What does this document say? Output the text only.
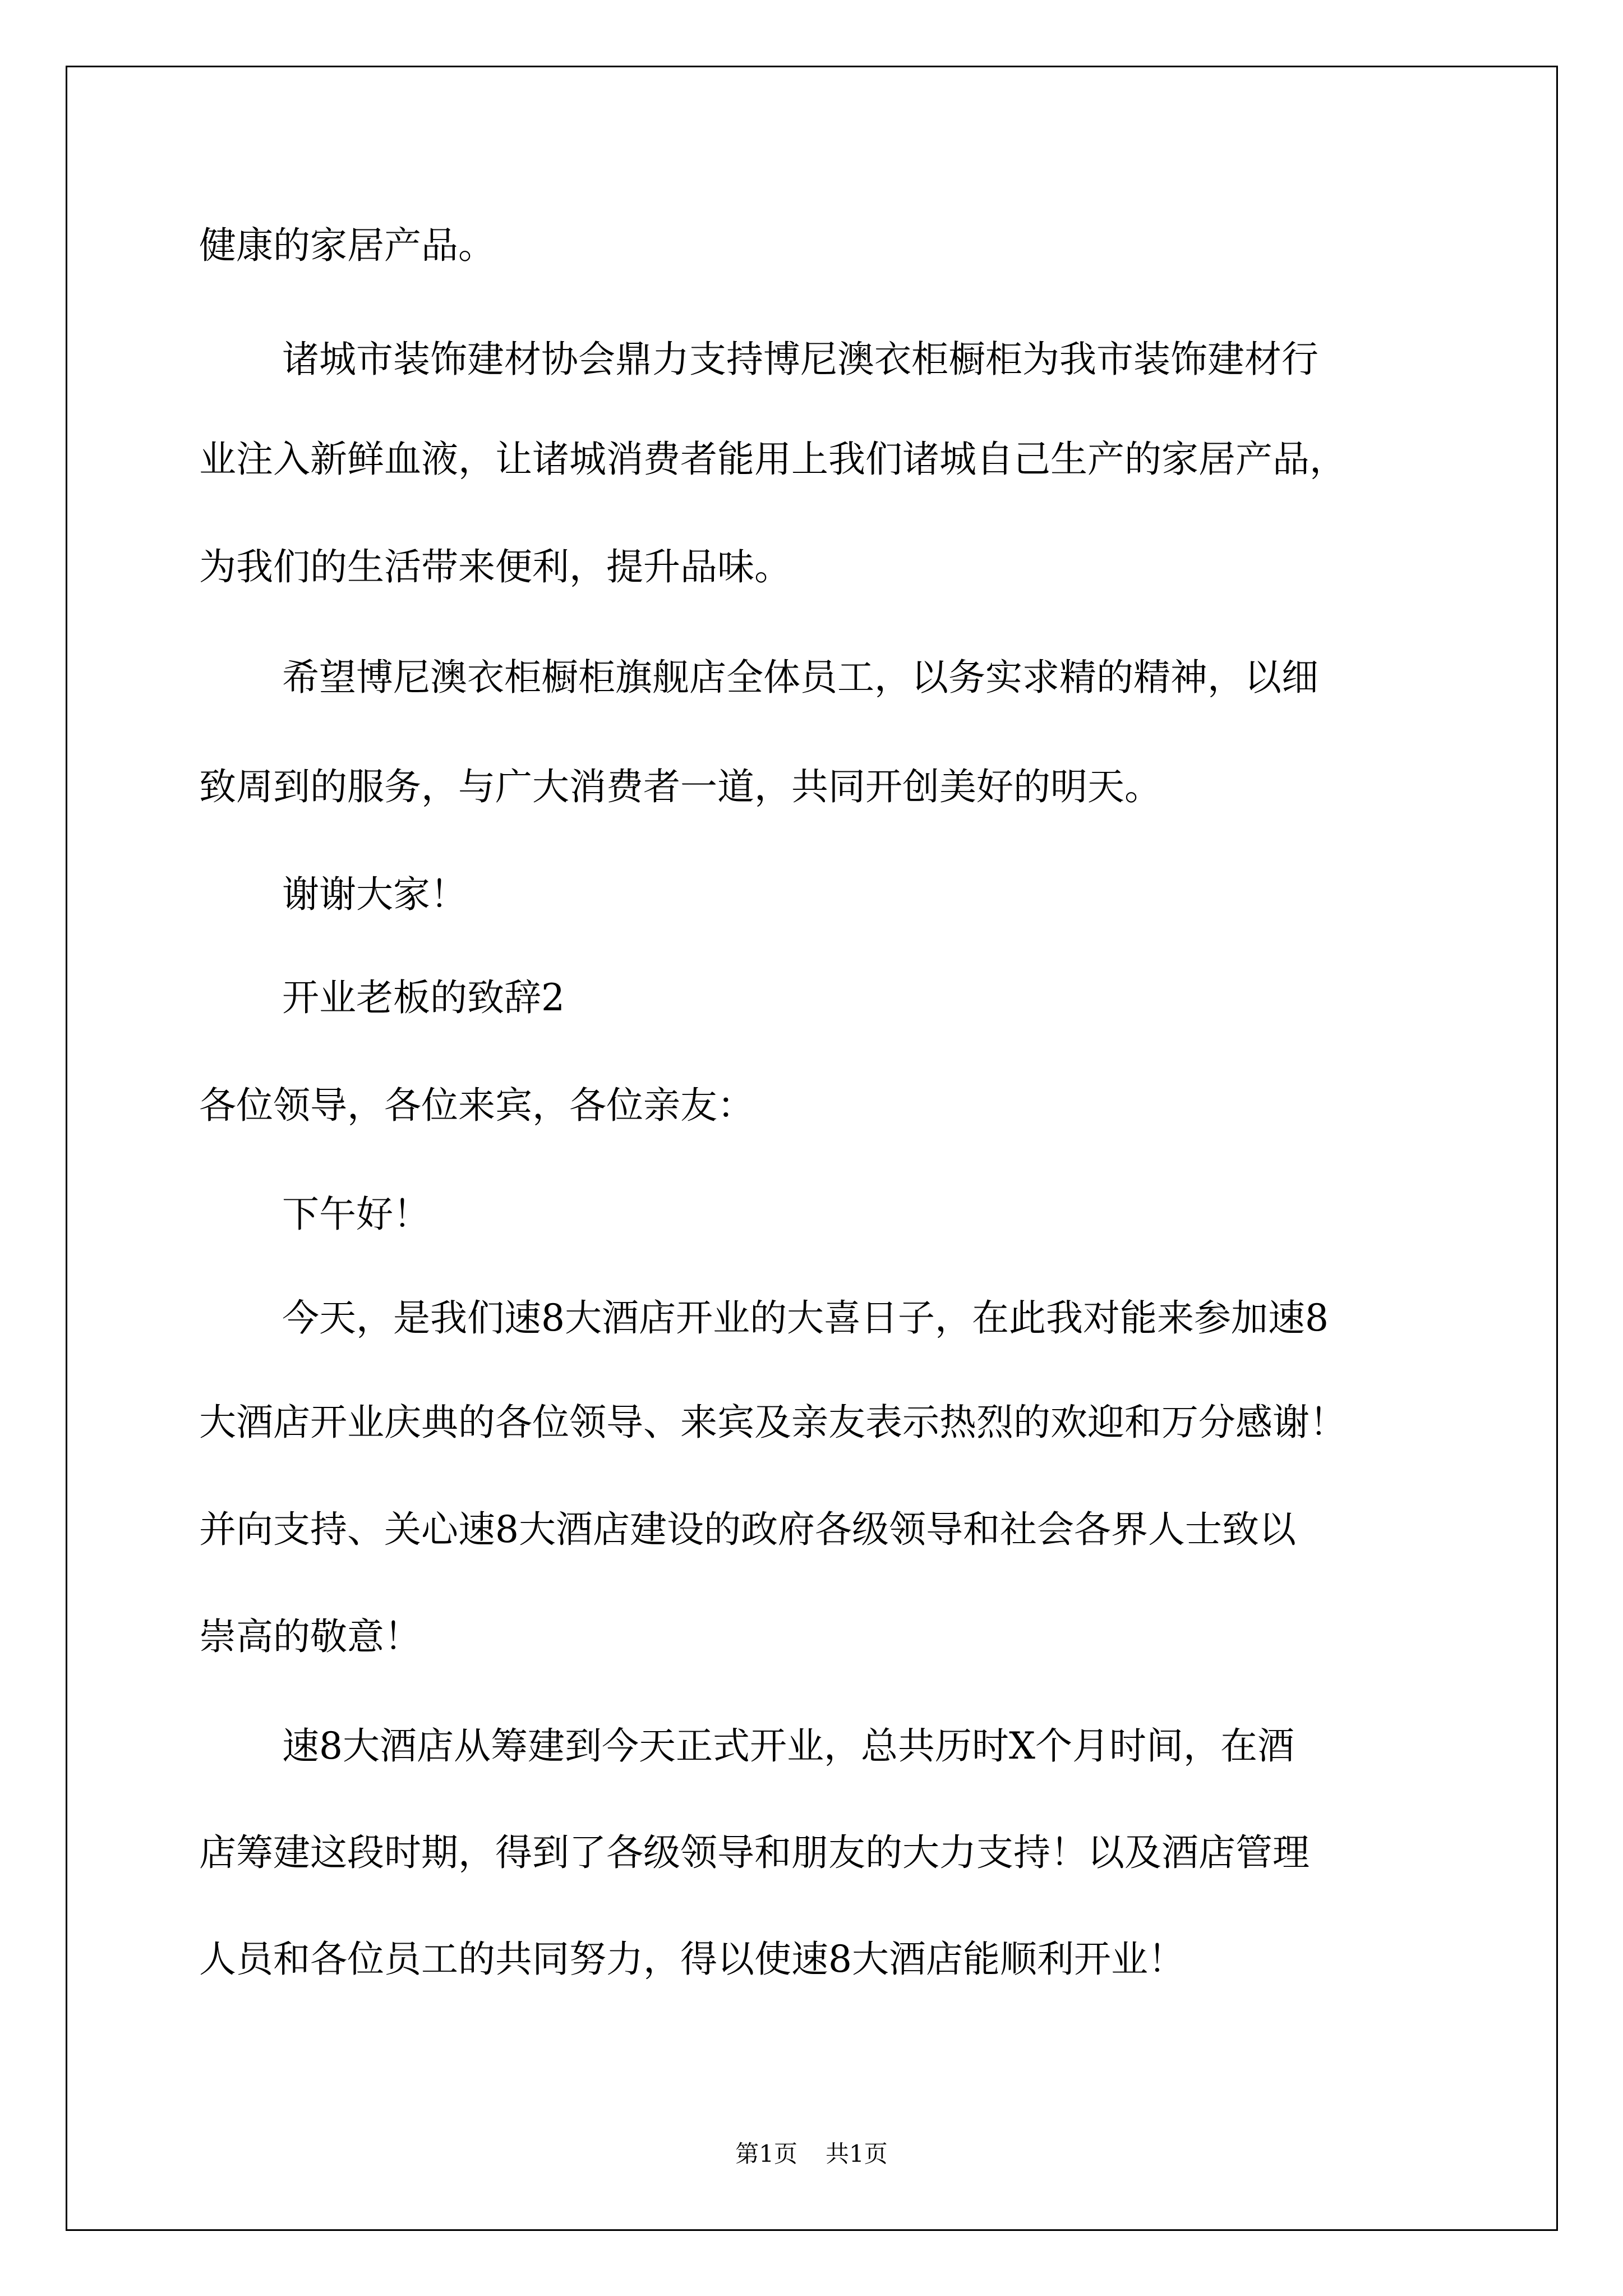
健康的家居产品。
诸城市装饰建材协会鼎力支持博尼澳衣柜橱柜为我市装饰建材行
业注入新鲜血液，让诸城消费者能用上我们诸城自己生产的家居产品，
为我们的生活带来便利，提升品味。
希望博尼澳衣柜橱柜旗舰店全体员工，以务实求精的精神，以细
致周到的服务，与广大消费者一道，共同开创美好的明天。
谢谢大家！
开业老板的致辞2
各位领导，各位来宾，各位亲友：
下午好！
今天，是我们速8大酒店开业的大喜日子，在此我对能来参加速8
大酒店开业庆典的各位领导、来宾及亲友表示热烈的欢迎和万分感谢！
并向支持、关心速8大酒店建设的政府各级领导和社会各界人士致以
崇高的敬意！
速8大酒店从筹建到今天正式开业，总共历时X个月时间，在酒
店筹建这段时期，得到了各级领导和朋友的大力支持！以及酒店管理
人员和各位员工的共同努力，得以使速8大酒店能顺利开业！
第1页 共1页
